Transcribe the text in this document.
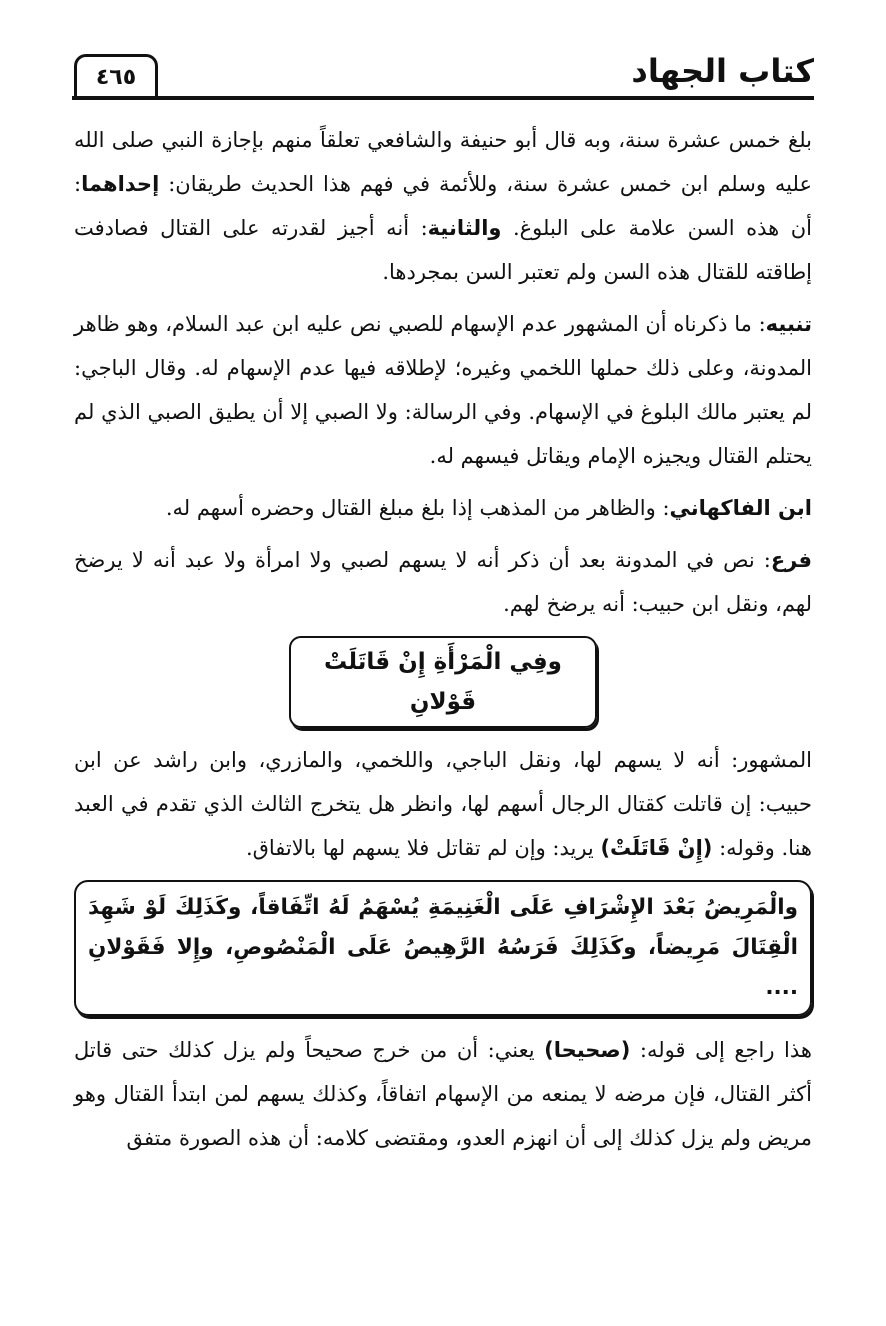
كتاب الجهاد
٤٦٥

بلغ خمس عشرة سنة، وبه قال أبو حنيفة والشافعي تعلقاً منهم بإجازة النبي صلى الله عليه وسلم ابن خمس عشرة سنة، وللأئمة في فهم هذا الحديث طريقان: إحداهما: أن هذه السن علامة على البلوغ. والثانية: أنه أجيز لقدرته على القتال فصادفت إطاقته للقتال هذه السن ولم تعتبر السن بمجردها.

تنبيه: ما ذكرناه أن المشهور عدم الإسهام للصبي نص عليه ابن عبد السلام، وهو ظاهر المدونة، وعلى ذلك حملها اللخمي وغيره؛ لإطلاقه فيها عدم الإسهام له. وقال الباجي: لم يعتبر مالك البلوغ في الإسهام. وفي الرسالة: ولا الصبي إلا أن يطيق الصبي الذي لم يحتلم القتال ويجيزه الإمام ويقاتل فيسهم له.

ابن الفاكهاني: والظاهر من المذهب إذا بلغ مبلغ القتال وحضره أسهم له.

فرع: نص في المدونة بعد أن ذكر أنه لا يسهم لصبي ولا امرأة ولا عبد أنه لا يرضخ لهم، ونقل ابن حبيب: أنه يرضخ لهم.

وفِي الْمَرْأَةِ إِنْ قَاتَلَتْ قَوْلانِ

المشهور: أنه لا يسهم لها، ونقل الباجي، واللخمي، والمازري، وابن راشد عن ابن حبيب: إن قاتلت كقتال الرجال أسهم لها، وانظر هل يتخرج الثالث الذي تقدم في العبد هنا. وقوله: (إِنْ قَاتَلَتْ) يريد: وإن لم تقاتل فلا يسهم لها بالاتفاق.

والْمَرِيضُ بَعْدَ الإِشْرَافِ عَلَى الْغَنِيمَةِ يُسْهَمُ لَهُ اتِّفَاقاً، وكَذَلِكَ لَوْ شَهِدَ الْقِتَالَ مَرِيضاً، وكَذَلِكَ فَرَسُهُ الرَّهِيصُ عَلَى الْمَنْصُوصِ، وإِلا فَقَوْلانِ ....

هذا راجع إلى قوله: (صحيحا) يعني: أن من خرج صحيحاً ولم يزل كذلك حتى قاتل أكثر القتال، فإن مرضه لا يمنعه من الإسهام اتفاقاً، وكذلك يسهم لمن ابتدأ القتال وهو مريض ولم يزل كذلك إلى أن انهزم العدو، ومقتضى كلامه: أن هذه الصورة متفق
